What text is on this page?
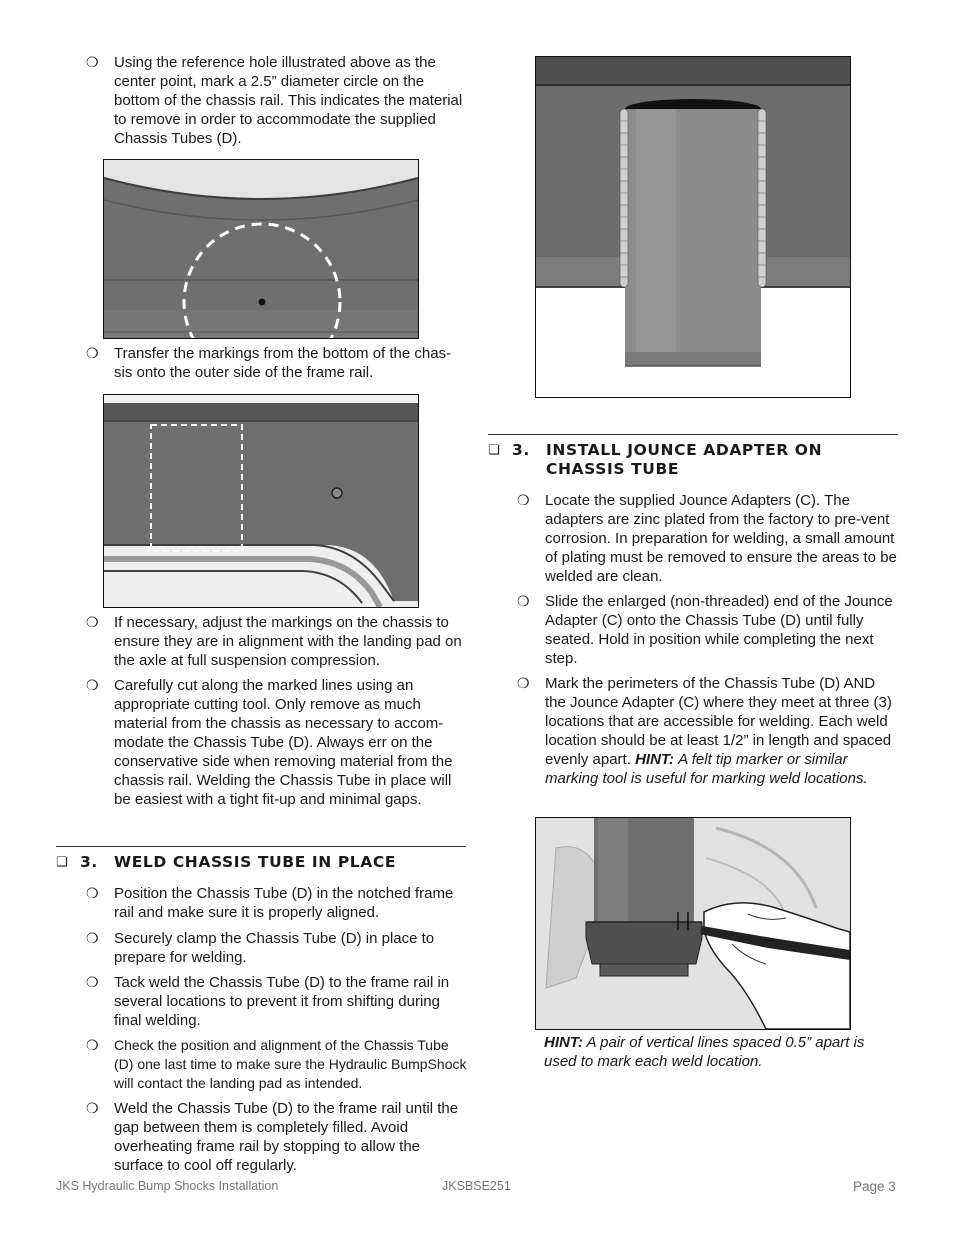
❍ Using the reference hole illustrated above as the center point, mark a 2.5” diameter circle on the bottom of the chassis rail. This indicates the material to remove in order to accommodate the supplied Chassis Tubes (D).
❍ Transfer the markings from the bottom of the chas-sis onto the outer side of the frame rail.
❍ If necessary, adjust the markings on the chassis to ensure they are in alignment with the landing pad on the axle at full suspension compression.
❍ Carefully cut along the marked lines using an appropriate cutting tool. Only remove as much material from the chassis as necessary to accom-modate the Chassis Tube (D). Always err on the conservative side when removing material from the chassis rail. Welding the Chassis Tube in place will be easiest with a tight fit-up and minimal gaps.
❏ 3. WELD CHASSIS TUBE IN PLACE
❍ Position the Chassis Tube (D) in the notched frame rail and make sure it is properly aligned.
❍ Securely clamp the Chassis Tube (D) in place to prepare for welding.
❍ Tack weld the Chassis Tube (D) to the frame rail in several locations to prevent it from shifting during final welding.
❍ Check the position and alignment of the Chassis Tube (D) one last time to make sure the Hydraulic BumpShock will contact the landing pad as intended.
❍ Weld the Chassis Tube (D) to the frame rail until the gap between them is completely filled. Avoid overheating frame rail by stopping to allow the surface to cool off regularly.
❏ 3. INSTALL JOUNCE ADAPTER ON CHASSIS TUBE
❍ Locate the supplied Jounce Adapters (C). The adapters are zinc plated from the factory to pre-vent corrosion. In preparation for welding, a small amount of plating must be removed to ensure the areas to be welded are clean.
❍ Slide the enlarged (non-threaded) end of the Jounce Adapter (C) onto the Chassis Tube (D) until fully seated. Hold in position while completing the next step.
❍ Mark the perimeters of the Chassis Tube (D) AND the Jounce Adapter (C) where they meet at three (3) locations that are accessible for welding. Each weld location should be at least 1/2” in length and spaced evenly apart. HINT: A felt tip marker or similar marking tool is useful for marking weld locations.
HINT: A pair of vertical lines spaced 0.5” apart is used to mark each weld location.
JKS Hydraulic Bump Shocks Installation	JKSBSE251	Page 3
